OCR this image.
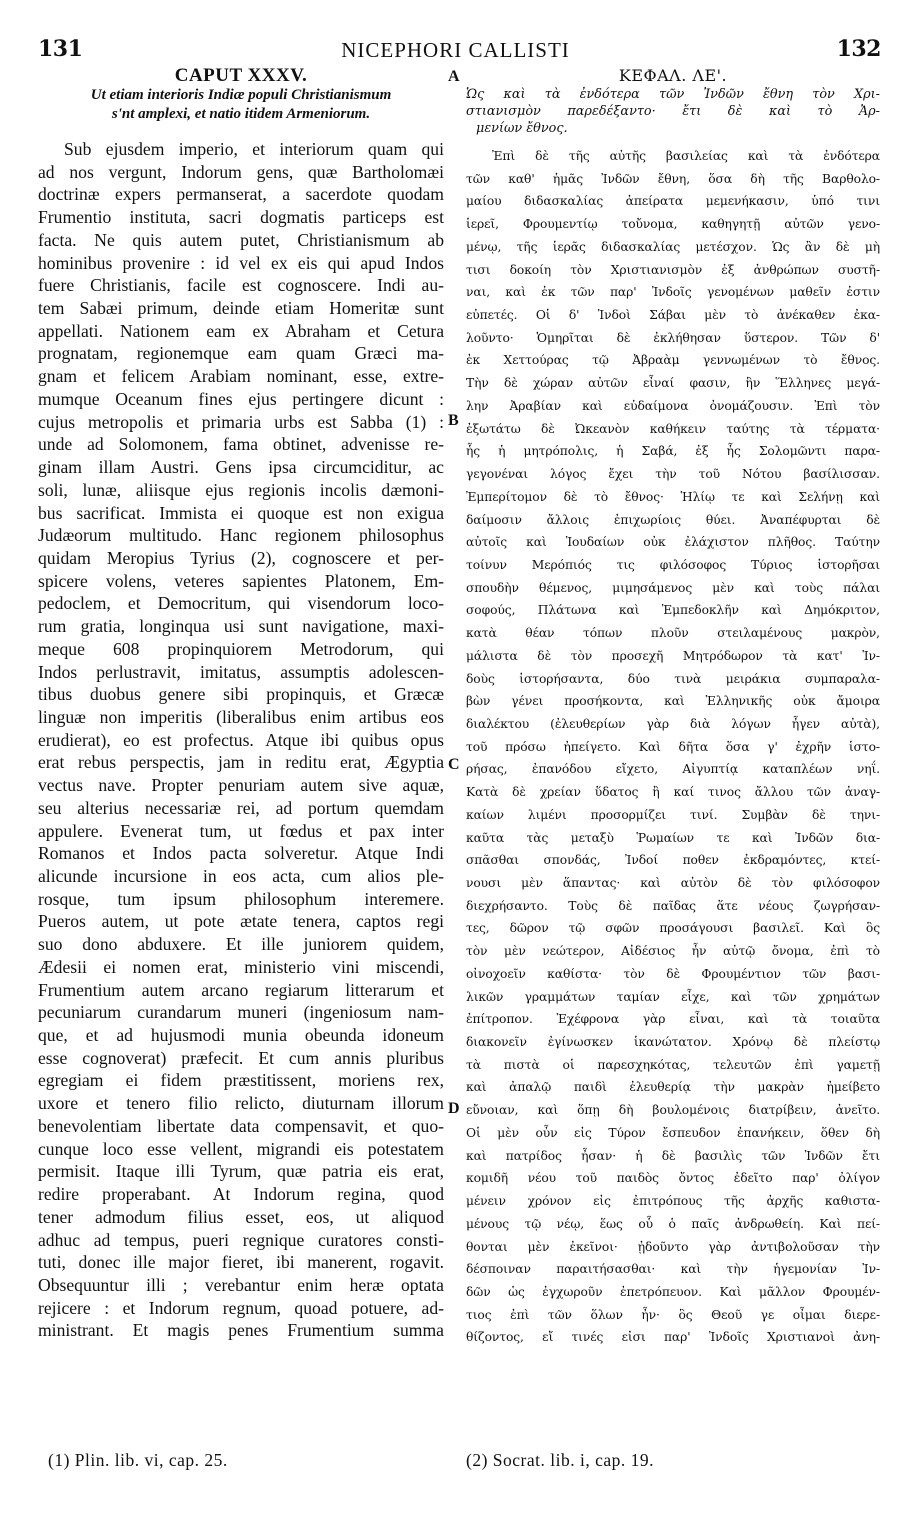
131	NICEPHORI CALLISTI	132
A
B
C
D
CAPUT XXXV.
Ut etiam interioris Indiæ populi Christianismum
s'nt amplexi, et natio itidem Armeniorum.
Sub ejusdem imperio, et interiorum quam qui
ad nos vergunt, Indorum gens, quæ Bartholomæi
doctrinæ expers permanserat, a sacerdote quodam
Frumentio instituta, sacri dogmatis particeps est
facta. Ne quis autem putet, Christianismum ab
hominibus provenire : id vel ex eis qui apud Indos
fuere Christianis, facile est cognoscere. Indi au-
tem Sabæi primum, deinde etiam Homeritæ sunt
appellati. Nationem eam ex Abraham et Cetura
prognatam, regionemque eam quam Græci ma-
gnam et felicem Arabiam nominant, esse, extre-
mumque Oceanum fines ejus pertingere dicunt :
cujus metropolis et primaria urbs est Sabba (1) :
unde ad Solomonem, fama obtinet, advenisse re-
ginam illam Austri. Gens ipsa circumciditur, ac
soli, lunæ, aliisque ejus regionis incolis dæmoni-
bus sacrificat. Immista ei quoque est non exigua
Judæorum multitudo. Hanc regionem philosophus
quidam Meropius Tyrius (2), cognoscere et per-
spicere volens, veteres sapientes Platonem, Em-
pedoclem, et Democritum, qui visendorum loco-
rum gratia, longinqua usi sunt navigatione, maxi-
meque 608 propinquiorem Metrodorum, qui
Indos perlustravit, imitatus, assumptis adolescen-
tibus duobus genere sibi propinquis, et Græcæ
linguæ non imperitis (liberalibus enim artibus eos
erudierat), eo est profectus. Atque ibi quibus opus
erat rebus perspectis, jam in reditu erat, Ægyptia
vectus nave. Propter penuriam autem sive aquæ,
seu alterius necessariæ rei, ad portum quemdam
appulere. Evenerat tum, ut fœdus et pax inter
Romanos et Indos pacta solveretur. Atque Indi
alicunde incursione in eos acta, cum alios ple-
rosque, tum ipsum philosophum interemere.
Pueros autem, ut pote ætate tenera, captos regi
suo dono abduxere. Et ille juniorem quidem,
Ædesii ei nomen erat, ministerio vini miscendi,
Frumentium autem arcano regiarum litterarum et
pecuniarum curandarum muneri (ingeniosum nam-
que, et ad hujusmodi munia obeunda idoneum
esse cognoverat) præfecit. Et cum annis pluribus
egregiam ei fidem præstitissent, moriens rex,
uxore et tenero filio relicto, diuturnam illorum
benevolentiam libertate data compensavit, et quo-
cunque loco esse vellent, migrandi eis potestatem
permisit. Itaque illi Tyrum, quæ patria eis erat,
redire properabant. At Indorum regina, quod
tener admodum filius esset, eos, ut aliquod
adhuc ad tempus, pueri regnique curatores consti-
tuti, donec ille major fieret, ibi manerent, rogavit.
Obsequuntur illi ; verebantur enim heræ optata
rejicere : et Indorum regnum, quoad potuere, ad-
ministrant. Et magis penes Frumentium summa
ΚΕΦΑΛ. ΛΕ'.
Ὡς καὶ τὰ ἐνδότερα τῶν Ἰνδῶν ἔθνη τὸν Χρι-
στιανισμὸν παρεδέξαντο· ἔτι δὲ καὶ τὸ Ἀρ-
μενίων ἔθνος.
Ἐπὶ δὲ τῆς αὐτῆς βασιλείας καὶ τὰ ἐνδότερα
τῶν καθ' ἡμᾶς Ἰνδῶν ἔθνη, ὅσα δὴ τῆς Βαρθολο-
μαίου διδασκαλίας ἀπείρατα μεμενήκασιν, ὑπό τινι
ἱερεῖ, Φρουμεντίῳ τοὔνομα, καθηγητῇ αὐτῶν γενο-
μένῳ, τῆς ἱερᾶς διδασκαλίας μετέσχον. Ὡς ἂν δὲ μὴ
τισι δοκοίη τὸν Χριστιανισμὸν ἐξ ἀνθρώπων συστῆ-
ναι, καὶ ἐκ τῶν παρ' Ἰνδοῖς γενομένων μαθεῖν ἐστιν
εὐπετές. Οἱ δ' Ἰνδοὶ Σάβαι μὲν τὸ ἀνέκαθεν ἐκα-
λοῦντο· Ὁμηρῖται δὲ ἐκλήθησαν ὕστερον. Τῶν δ'
ἐκ Χεττούρας τῷ Ἀβραὰμ γεννωμένων τὸ ἔθνος.
Τὴν δὲ χώραν αὐτῶν εἶναί φασιν, ἣν Ἕλληνες μεγά-
λην Ἀραβίαν καὶ εὐδαίμονα ὀνομάζουσιν. Ἐπὶ τὸν
ἐξωτάτω δὲ Ὠκεανὸν καθήκειν ταύτης τὰ τέρματα·
ἧς ἡ μητρόπολις, ἡ Σαβά, ἐξ ἧς Σολομῶντι παρα-
γεγονέναι λόγος ἔχει τὴν τοῦ Νότου βασίλισσαν.
Ἐμπερίτομον δὲ τὸ ἔθνος· Ἡλίῳ τε καὶ Σελήνῃ καὶ
δαίμοσιν ἄλλοις ἐπιχωρίοις θύει. Ἀναπέφυρται δὲ
αὐτοῖς καὶ Ἰουδαίων οὐκ ἐλάχιστον πλῆθος. Ταύτην
τοίνυν Μερόπιός τις φιλόσοφος Τύριος ἱστορῆσαι
σπουδὴν θέμενος, μιμησάμενος μὲν καὶ τοὺς πάλαι
σοφούς, Πλάτωνα καὶ Ἐμπεδοκλῆν καὶ Δημόκριτον,
κατὰ θέαν τόπων πλοῦν στειλαμένους μακρὸν,
μάλιστα δὲ τὸν προσεχῆ Μητρόδωρον τὰ κατ' Ἰν-
δοὺς ἱστορήσαντα, δύο τινὰ μειράκια συμπαραλα-
βὼν γένει προσήκοντα, καὶ Ἑλληνικῆς οὐκ ἄμοιρα
διαλέκτου (ἐλευθερίων γὰρ διὰ λόγων ἦγεν αὐτὰ),
τοῦ πρόσω ἠπείγετο. Καὶ δῆτα ὅσα γ' ἐχρῆν ἱστο-
ρήσας, ἐπανόδου εἴχετο, Αἰγυπτίᾳ καταπλέων νηΐ.
Κατὰ δὲ χρείαν ὕδατος ἢ καί τινος ἄλλου τῶν ἀναγ-
καίων λιμένι προσορμίζει τινί. Συμβὰν δὲ τηνι-
καῦτα τὰς μεταξὺ Ῥωμαίων τε καὶ Ἰνδῶν δια-
σπᾶσθαι σπονδάς, Ἰνδοί ποθεν ἐκδραμόντες, κτεί-
νουσι μὲν ἅπαντας· καὶ αὐτὸν δὲ τὸν φιλόσοφον
διεχρήσαντο. Τοὺς δὲ παῖδας ἅτε νέους ζωγρήσαν-
τες, δῶρον τῷ σφῶν προσάγουσι βασιλεῖ. Καὶ ὃς
τὸν μὲν νεώτερον, Αἰδέσιος ἦν αὐτῷ ὄνομα, ἐπὶ τὸ
οἰνοχοεῖν καθίστα· τὸν δὲ Φρουμέντιον τῶν βασι-
λικῶν γραμμάτων ταμίαν εἶχε, καὶ τῶν χρημάτων
ἐπίτροπον. Ἐχέφρονα γὰρ εἶναι, καὶ τὰ τοιαῦτα
διακονεῖν ἐγίνωσκεν ἱκανώτατον. Χρόνῳ δὲ πλείστῳ
τὰ πιστὰ οἱ παρεσχηκότας, τελευτῶν ἐπὶ γαμετῇ
καὶ ἀπαλῷ παιδὶ ἐλευθερίᾳ τὴν μακρὰν ἠμείβετο
εὔνοιαν, καὶ ὅπῃ δὴ βουλομένοις διατρίβειν, ἀνεῖτο.
Οἱ μὲν οὖν εἰς Τύρον ἔσπευδον ἐπανήκειν, ὅθεν δὴ
καὶ πατρίδος ἦσαν· ἡ δὲ βασιλὶς τῶν Ἰνδῶν ἔτι
κομιδῆ νέου τοῦ παιδὸς ὄντος ἐδεῖτο παρ' ὀλίγον
μένειν χρόνον εἰς ἐπιτρόπους τῆς ἀρχῆς καθιστα-
μένους τῷ νέῳ, ἕως οὗ ὁ παῖς ἀνδρωθείη. Καὶ πεί-
θονται μὲν ἐκεῖνοι· ᾐδοῦντο γὰρ ἀντιβολοῦσαν τὴν
δέσποιναν παραιτήσασθαι· καὶ τὴν ἡγεμονίαν Ἰν-
δῶν ὡς ἐγχωροῦν ἐπετρόπευον. Καὶ μᾶλλον Φρουμέν-
τιος ἐπὶ τῶν ὅλων ἦν· ὃς Θεοῦ γε οἶμαι διερε-
θίζοντος, εἴ τινές εἰσι παρ' Ἰνδοῖς Χριστιανοὶ ἀνη-
(1) Plin. lib. vi, cap. 25.	(2) Socrat. lib. i, cap. 19.
